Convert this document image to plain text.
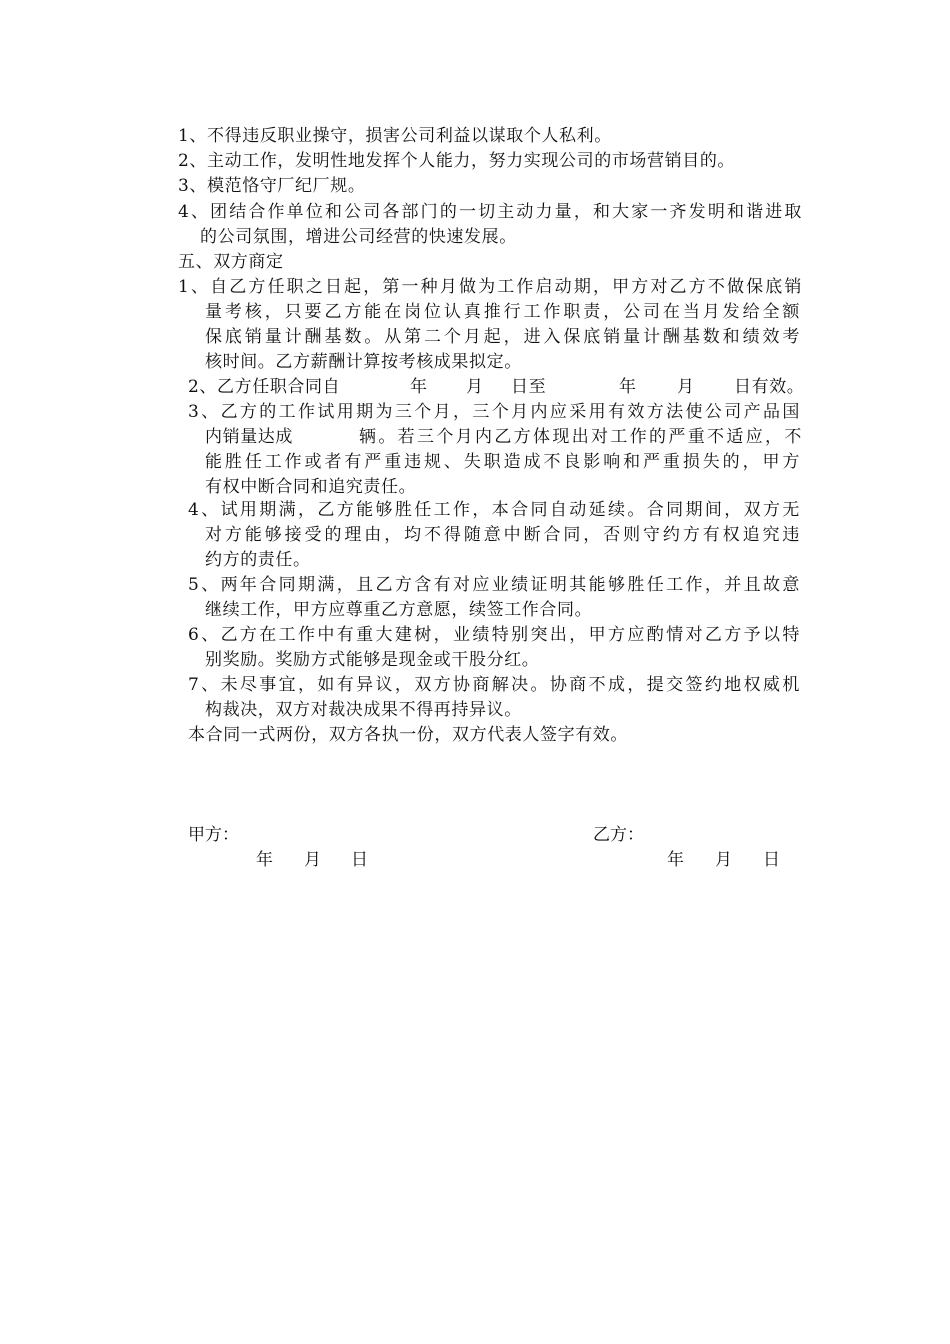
1、不得违反职业操守，损害公司利益以谋取个人私利。
2、主动工作，发明性地发挥个人能力，努力实现公司的市场营销目的。
3、模范恪守厂纪厂规。
4、团结合作单位和公司各部门的一切主动力量，和大家一齐发明和谐进取
的公司氛围，增进公司经营的快速发展。
五、双方商定
1、自乙方任职之日起，第一种月做为工作启动期，甲方对乙方不做保底销
量考核，只要乙方能在岗位认真推行工作职责，公司在当月发给全额
保底销量计酬基数。从第二个月起，进入保底销量计酬基数和绩效考
核时间。乙方薪酬计算按考核成果拟定。
2、乙方任职合同自	年 月 日至	年 月 日有效。
3、乙方的工作试用期为三个月，三个月内应采用有效方法使公司产品国
内销量达成	辆。若三个月内乙方体现出对工作的严重不适应，不
能胜任工作或者有严重违规、失职造成不良影响和严重损失的，甲方
有权中断合同和追究责任。
4、试用期满，乙方能够胜任工作，本合同自动延续。合同期间，双方无
对方能够接受的理由，均不得随意中断合同，否则守约方有权追究违
约方的责任。
5、两年合同期满，且乙方含有对应业绩证明其能够胜任工作，并且故意
继续工作，甲方应尊重乙方意愿，续签工作合同。
6、乙方在工作中有重大建树，业绩特别突出，甲方应酌情对乙方予以特
别奖励。奖励方式能够是现金或干股分红。
7、未尽事宜，如有异议，双方协商解决。协商不成，提交签约地权威机
构裁决，双方对裁决成果不得再持异议。
本合同一式两份，双方各执一份，双方代表人签字有效。
甲方：	乙方：
年 月 日	年 月 日
